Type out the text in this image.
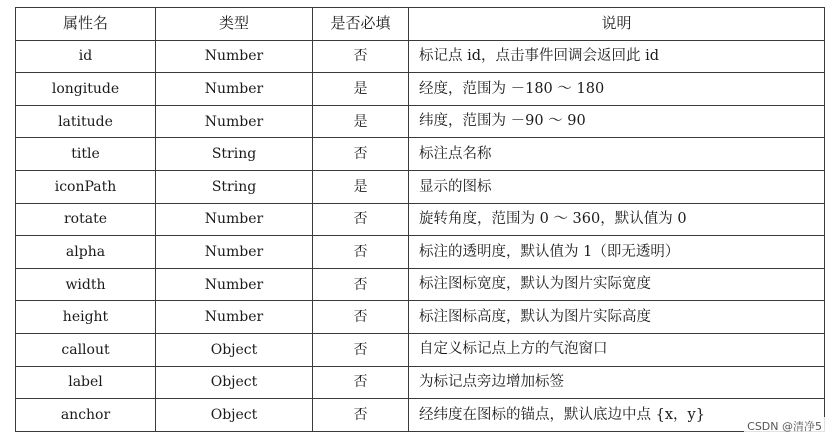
属性名	类型	是否必填	说明
id	Number	否	标记点 id，点击事件回调会返回此 id
longitude	Number	是	经度，范围为 －180 ～ 180
latitude	Number	是	纬度，范围为 －90 ～ 90
title	String	否	标注点名称
iconPath	String	是	显示的图标
rotate	Number	否	旋转角度，范围为 0 ～ 360，默认值为 0
alpha	Number	否	标注的透明度，默认值为 1（即无透明）
width	Number	否	标注图标宽度，默认为图片实际宽度
height	Number	否	标注图标高度，默认为图片实际高度
callout	Object	否	自定义标记点上方的气泡窗口
label	Object	否	为标记点旁边增加标签
anchor	Object	否	经纬度在图标的锚点，默认底边中点 {x，y}
CSDN @清净5
